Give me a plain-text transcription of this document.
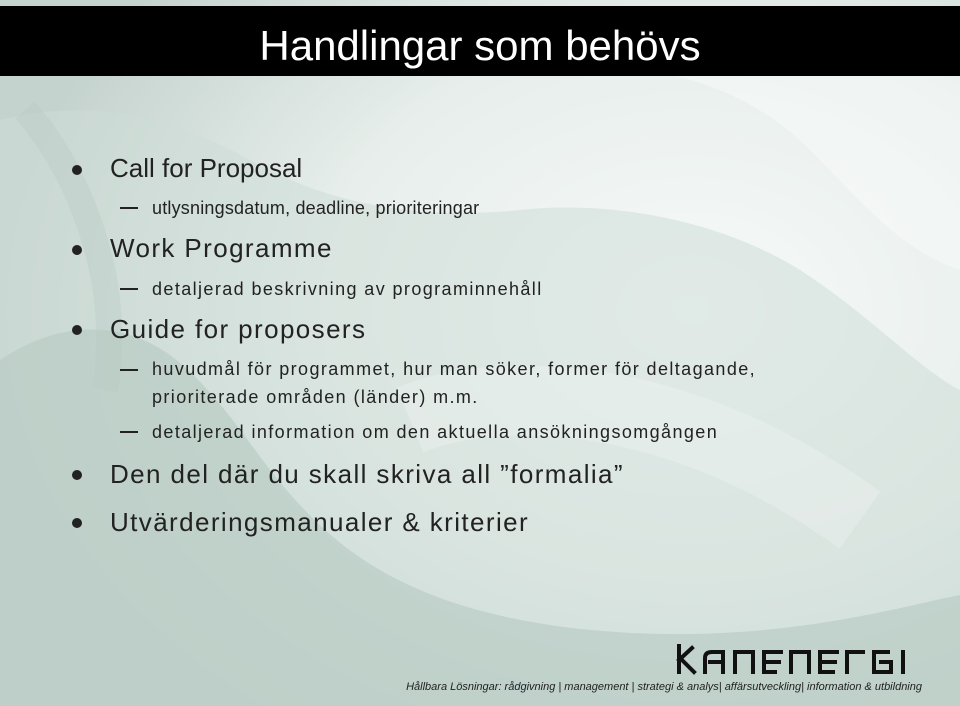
Handlingar som behövs
Call for Proposal
utlysningsdatum, deadline, prioriteringar
Work Programme
detaljerad beskrivning av programinnehåll
Guide for proposers
huvudmål för programmet, hur man söker, former för deltagande,
prioriterade områden (länder) m.m.
detaljerad information om den aktuella ansökningsomgången
Den del där du skall skriva all ”formalia”
Utvärderingsmanualer & kriterier
Hållbara Lösningar: rådgivning | management | strategi & analys| affärsutveckling| information & utbildning
